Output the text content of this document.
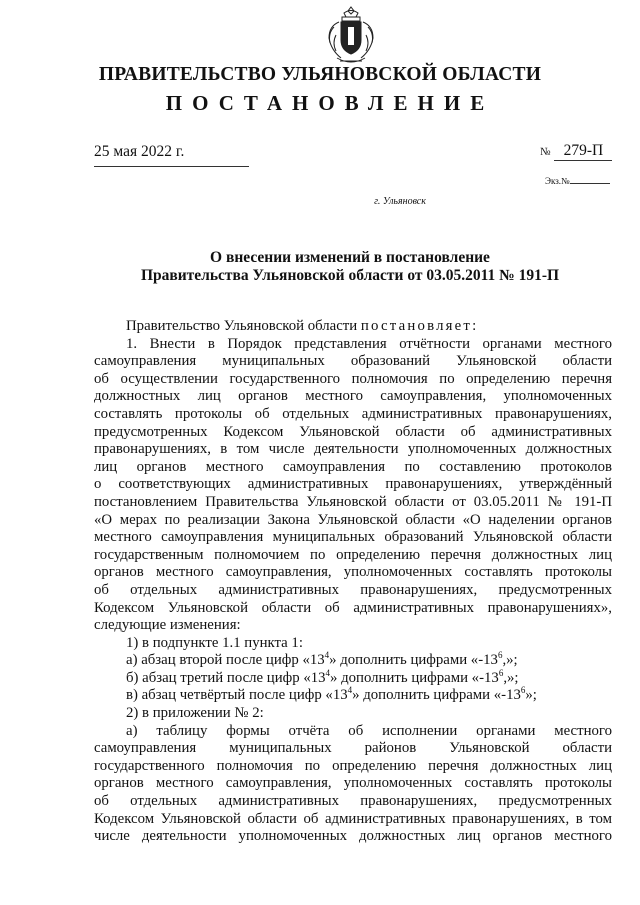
ПРАВИТЕЛЬСТВО УЛЬЯНОВСКОЙ ОБЛАСТИ
ПОСТАНОВЛЕНИЕ
25 мая 2022 г.	№ 279-П
Экз.№
г. Ульяновск
О внесении изменений в постановление
Правительства Ульяновской области от 03.05.2011 № 191-П

Правительство Ульяновской области постановляет:

1. Внести в Порядок представления отчётности органами местного

самоуправления муниципальных образований Ульяновской области

об осуществлении государственного полномочия по определению перечня

должностных лиц органов местного самоуправления, уполномоченных

составлять протоколы об отдельных административных правонарушениях,

предусмотренных Кодексом Ульяновской области об административных

правонарушениях, в том числе деятельности уполномоченных должностных

лиц органов местного самоуправления по составлению протоколов

о соответствующих административных правонарушениях, утверждённый

постановлением Правительства Ульяновской области от 03.05.2011 № 191-П

«О мерах по реализации Закона Ульяновской области «О наделении органов

местного самоуправления муниципальных образований Ульяновской области

государственным полномочием по определению перечня должностных лиц

органов местного самоуправления, уполномоченных составлять протоколы

об отдельных административных правонарушениях, предусмотренных

Кодексом Ульяновской области об административных правонарушениях»,

следующие изменения:

1) в подпункте 1.1 пункта 1:

а) абзац второй после цифр «$13^4$» дополнить цифрами «$-13^6$,»;

б) абзац третий после цифр «$13^4$» дополнить цифрами «$-13^6$,»;

в) абзац четвёртый после цифр «$13^4$» дополнить цифрами «$-13^6$»;

2) в приложении № 2:

а) таблицу формы отчёта об исполнении органами местного

самоуправления муниципальных районов Ульяновской области

государственного полномочия по определению перечня должностных лиц

органов местного самоуправления, уполномоченных составлять протоколы

об отдельных административных правонарушениях, предусмотренных

Кодексом Ульяновской области об административных правонарушениях, в том

числе деятельности уполномоченных должностных лиц органов местного
